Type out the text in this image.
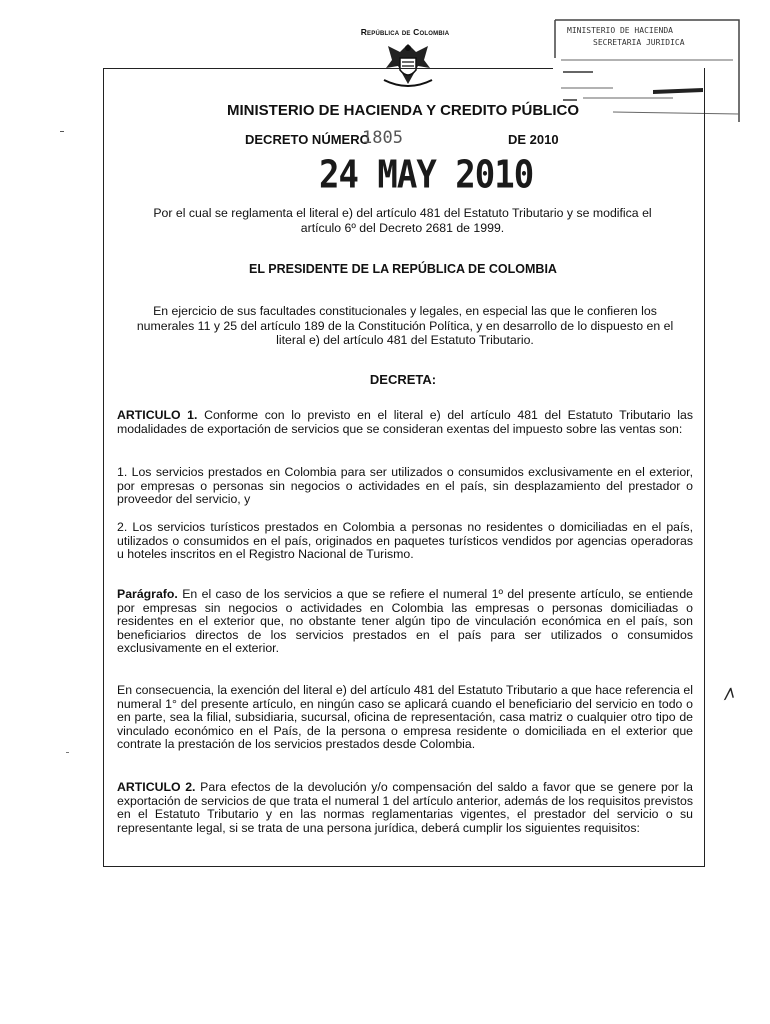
República de Colombia	MINISTERIO DE HACIENDA
SECRETARIA JURIDICA
MINISTERIO DE HACIENDA Y CREDITO PÚBLICO
DECRETO NÚMERO
1805	DE 2010
24 MAY 2010
Por el cual se reglamenta el literal e) del artículo 481 del Estatuto Tributario y se modifica el artículo 6º del Decreto 2681 de 1999.
EL PRESIDENTE DE LA REPÚBLICA DE COLOMBIA
En ejercicio de sus facultades constitucionales y legales, en especial las que le confieren los numerales 11 y 25 del artículo 189 de la Constitución Política, y en desarrollo de lo dispuesto en el literal e) del artículo 481 del Estatuto Tributario.
DECRETA:
ARTICULO 1. Conforme con lo previsto en el literal e) del artículo 481 del Estatuto Tributario las modalidades de exportación de servicios que se consideran exentas del impuesto sobre las ventas son:
1. Los servicios prestados en Colombia para ser utilizados o consumidos exclusivamente en el exterior, por empresas o personas sin negocios o actividades en el país, sin desplazamiento del prestador o proveedor del servicio, y
2. Los servicios turísticos prestados en Colombia a personas no residentes o domiciliadas en el país, utilizados o consumidos en el país, originados en paquetes turísticos vendidos por agencias operadoras u hoteles inscritos en el Registro Nacional de Turismo.
Parágrafo. En el caso de los servicios a que se refiere el numeral 1º del presente artículo, se entiende por empresas sin negocios o actividades en Colombia las empresas o personas domiciliadas o residentes en el exterior que, no obstante tener algún tipo de vinculación económica en el país, son beneficiarios directos de los servicios prestados en el país para ser utilizados o consumidos exclusivamente en el exterior.
En consecuencia, la exención del literal e) del artículo 481 del Estatuto Tributario a que hace referencia el numeral 1° del presente artículo, en ningún caso se aplicará cuando el beneficiario del servicio en todo o en parte, sea la filial, subsidiaria, sucursal, oficina de representación, casa matriz o cualquier otro tipo de vinculado económico en el País, de la persona o empresa residente o domiciliada en el exterior que contrate la prestación de los servicios prestados desde Colombia.
ARTICULO 2. Para efectos de la devolución y/o compensación del saldo a favor que se genere por la exportación de servicios de que trata el numeral 1 del artículo anterior, además de los requisitos previstos en el Estatuto Tributario y en las normas reglamentarias vigentes, el prestador del servicio o su representante legal, si se trata de una persona jurídica, deberá cumplir los siguientes requisitos:
⩘
